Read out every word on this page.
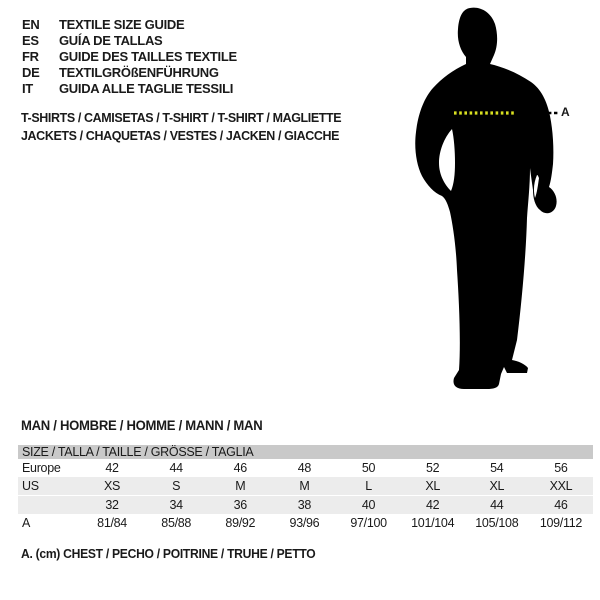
EN TEXTILE SIZE GUIDE
ES GUÍA DE TALLAS
FR GUIDE DES TAILLES TEXTILE
DE TEXTILGRÖßENFÜHRUNG
IT GUIDA ALLE TAGLIE TESSILI
T-SHIRTS / CAMISETAS / T-SHIRT / T-SHIRT / MAGLIETTE
JACKETS / CHAQUETAS / VESTES / JACKEN / GIACCHE
A
MAN / HOMBRE / HOMME / MANN / MAN
SIZE / TALLA / TAILLE / GRÖSSE / TAGLIA								
Europe	42	44	46	48	50	52	54	56
US	XS	S	M	M	L	XL	XL	XXL
	32	34	36	38	40	42	44	46
A	81/84	85/88	89/92	93/96	97/100	101/104	105/108	109/112
A. (cm) CHEST / PECHO / POITRINE / TRUHE / PETTO
